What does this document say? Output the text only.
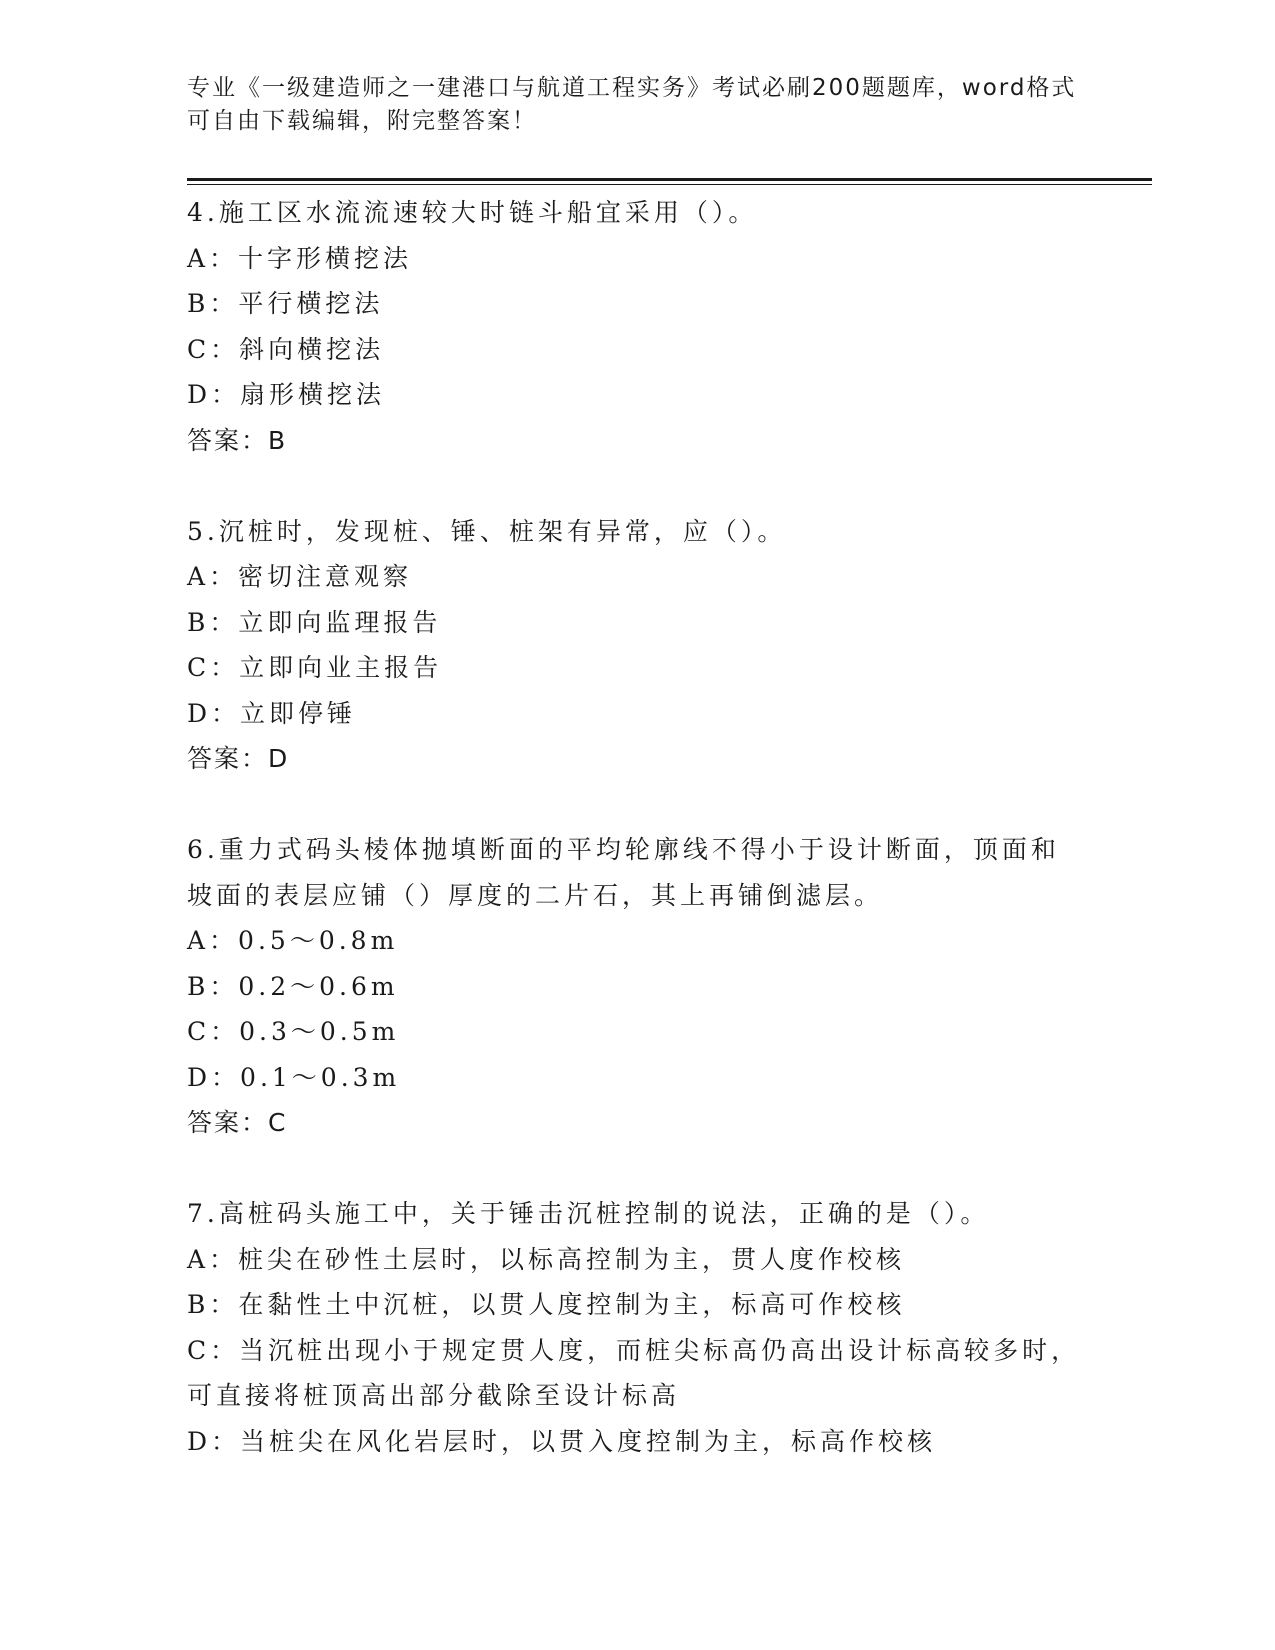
专业《一级建造师之一建港口与航道工程实务》考试必刷200题题库，word格式
可自由下载编辑，附完整答案！
4.施工区水流流速较大时链斗船宜采用（）。
A：十字形横挖法
B：平行横挖法
C：斜向横挖法
D：扇形横挖法
答案：B
5.沉桩时，发现桩、锤、桩架有异常，应（）。
A：密切注意观察
B：立即向监理报告
C：立即向业主报告
D：立即停锤
答案：D
6.重力式码头棱体抛填断面的平均轮廓线不得小于设计断面，顶面和
坡面的表层应铺（）厚度的二片石，其上再铺倒滤层。
A：0.5～0.8m
B：0.2～0.6m
C：0.3～0.5m
D：0.1～0.3m
答案：C
7.高桩码头施工中，关于锤击沉桩控制的说法，正确的是（）。
A：桩尖在砂性土层时，以标高控制为主，贯人度作校核
B：在黏性土中沉桩，以贯人度控制为主，标高可作校核
C：当沉桩出现小于规定贯人度，而桩尖标高仍高出设计标高较多时，
可直接将桩顶高出部分截除至设计标高
D：当桩尖在风化岩层时，以贯入度控制为主，标高作校核
